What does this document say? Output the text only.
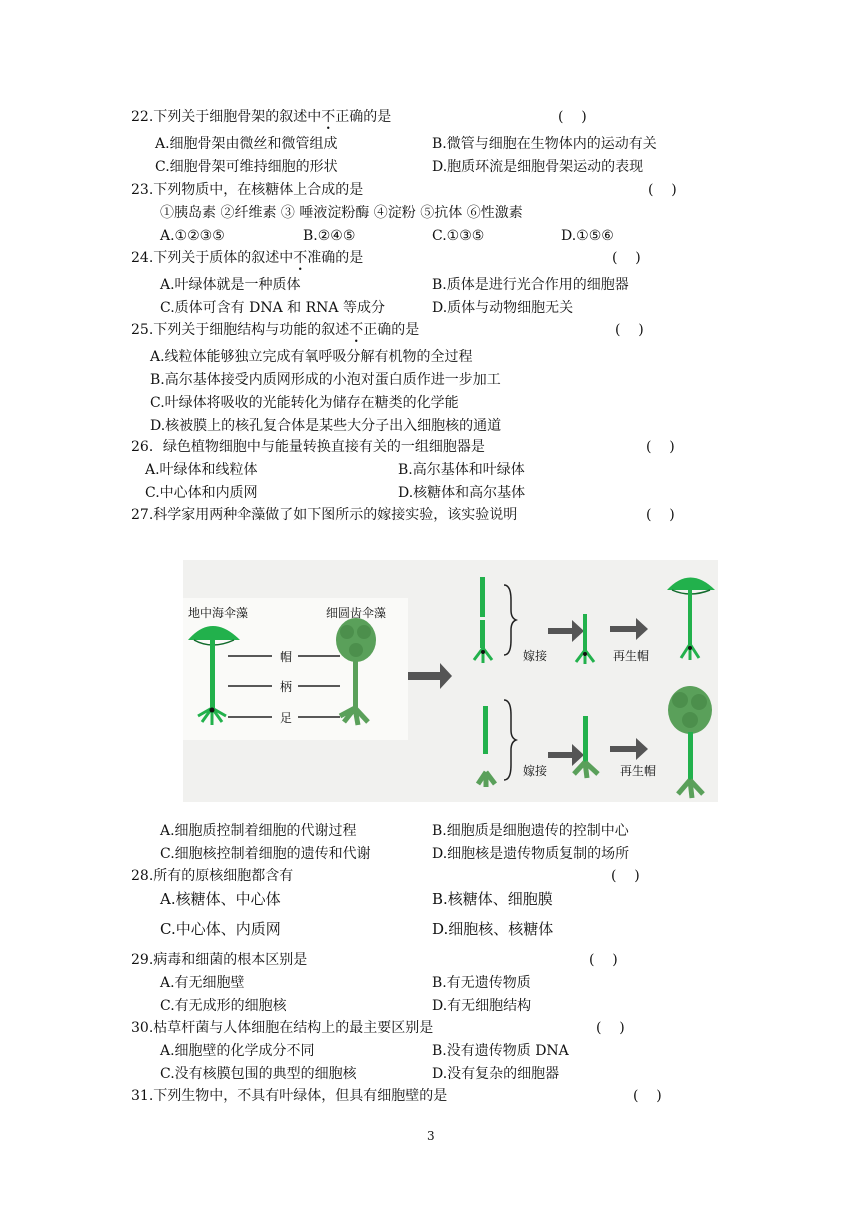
22.下列关于细胞骨架的叙述中不正确的是	(    )
A.细胞骨架由微丝和微管组成	B.微管与细胞在生物体内的运动有关
C.细胞骨架可维持细胞的形状	D.胞质环流是细胞骨架运动的表现
23.下列物质中，在核糖体上合成的是	(    )
①胰岛素 ②纤维素 ③ 唾液淀粉酶 ④淀粉 ⑤抗体 ⑥性激素
A.①②③⑤	B.②④⑤	C.①③⑤	D.①⑤⑥
24.下列关于质体的叙述中不准确的是	(    )
A.叶绿体就是一种质体	B.质体是进行光合作用的细胞器
C.质体可含有 DNA 和 RNA 等成分	D.质体与动物细胞无关
25.下列关于细胞结构与功能的叙述不正确的是	(    )
A.线粒体能够独立完成有氧呼吸分解有机物的全过程
B.高尔基体接受内质网形成的小泡对蛋白质作进一步加工
C.叶绿体将吸收的光能转化为储存在糖类的化学能
D.核被膜上的核孔复合体是某些大分子出入细胞核的通道
26．绿色植物细胞中与能量转换直接有关的一组细胞器是	(    )
A.叶绿体和线粒体	B.高尔基体和叶绿体
C.中心体和内质网	D.核糖体和高尔基体
27.科学家用两种伞藻做了如下图所示的嫁接实验，该实验说明	(    )
地中海伞藻	细圆齿伞藻
帽
柄
足
嫁接	再生帽
嫁接	再生帽
A.细胞质控制着细胞的代谢过程	B.细胞质是细胞遗传的控制中心
C.细胞核控制着细胞的遗传和代谢	D.细胞核是遗传物质复制的场所
28.所有的原核细胞都含有	(    )
A.核糖体、中心体	B.核糖体、细胞膜
C.中心体、内质网	D.细胞核、核糖体
29.病毒和细菌的根本区别是	(    )
A.有无细胞壁	B.有无遗传物质
C.有无成形的细胞核	D.有无细胞结构
30.枯草杆菌与人体细胞在结构上的最主要区别是	(    )
A.细胞壁的化学成分不同	B.没有遗传物质 DNA
C.没有核膜包围的典型的细胞核	D.没有复杂的细胞器
31.下列生物中，不具有叶绿体，但具有细胞壁的是	(    )
3
